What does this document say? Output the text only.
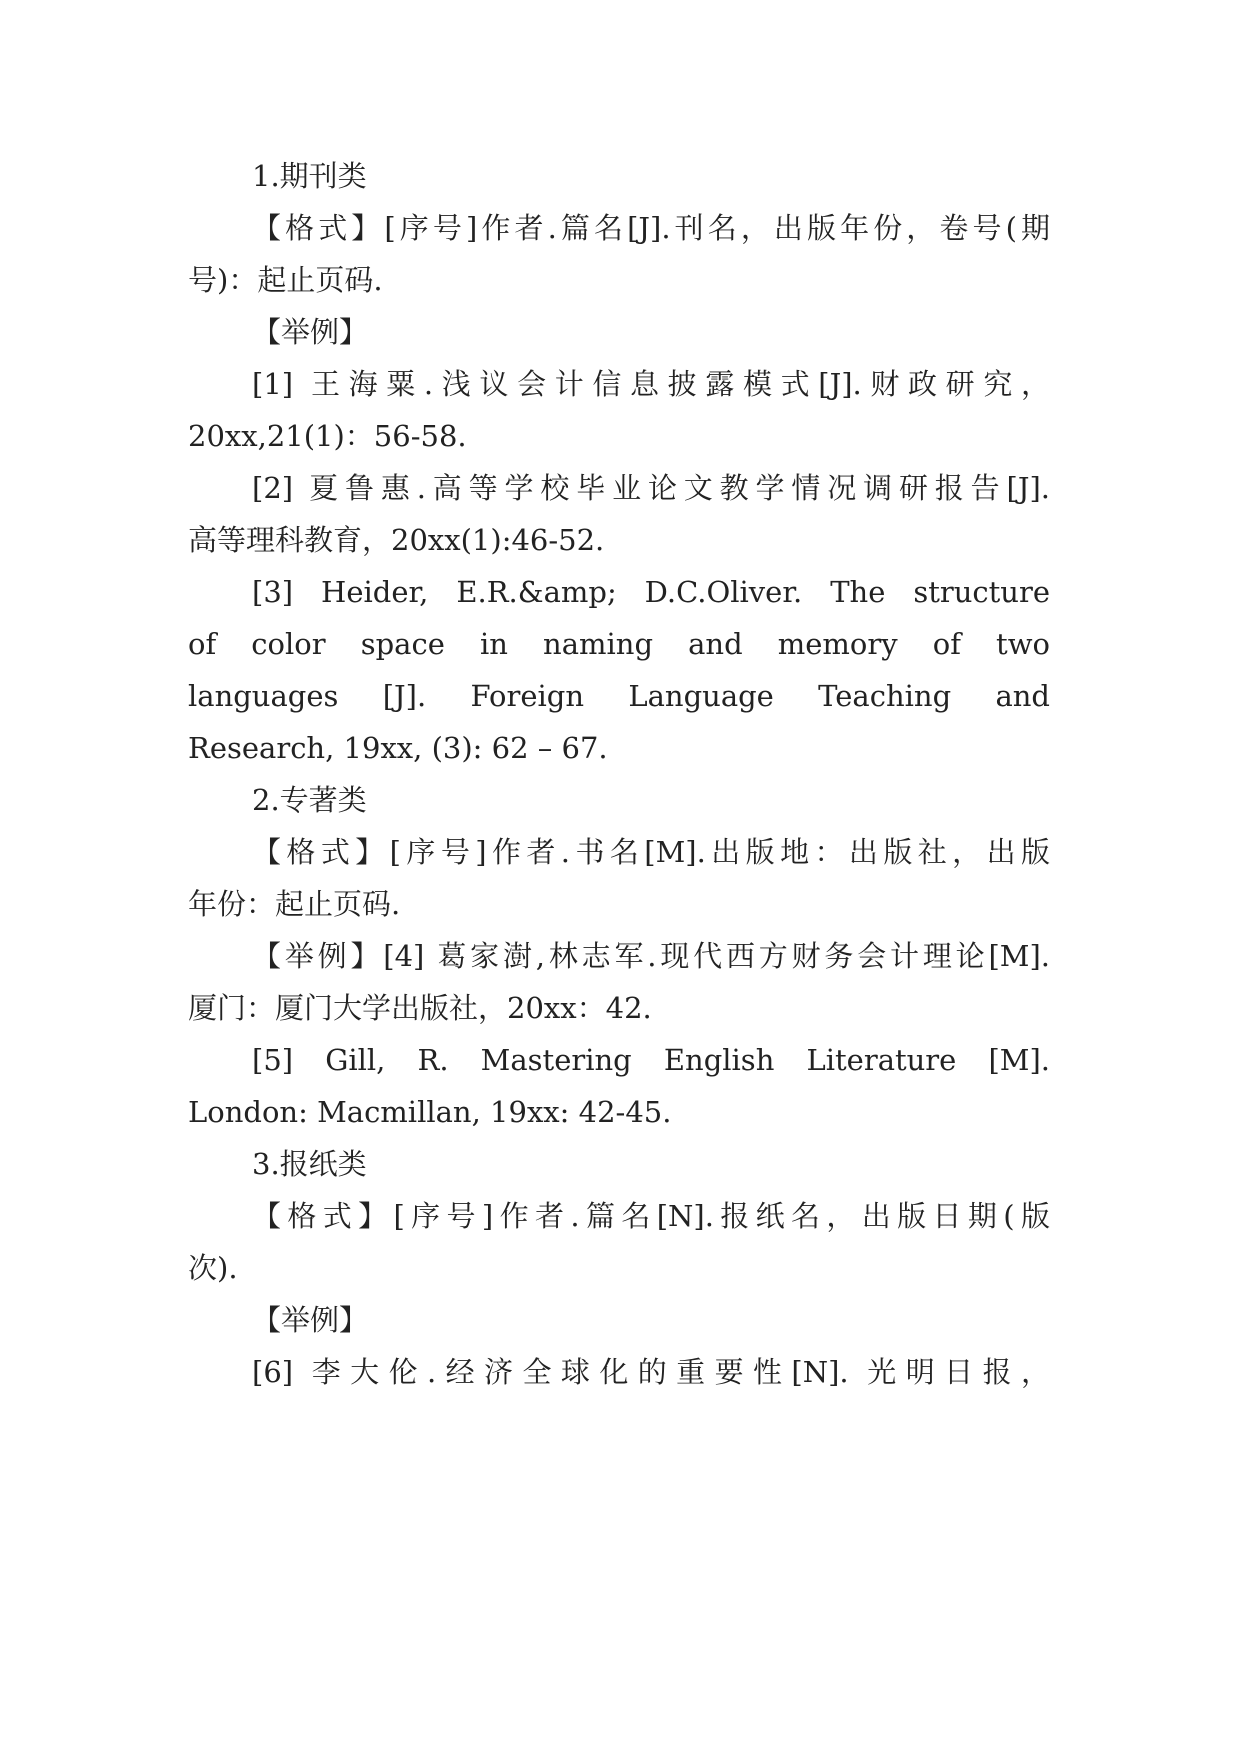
1.期刊类
【格式】[序号]作者.篇名[J].刊名，出版年份，卷号(期
号)：起止页码.
【举例】
[1] 王海粟.浅议会计信息披露模式[J].财政研究，
20xx,21(1)：56-58.
[2] 夏鲁惠.高等学校毕业论文教学情况调研报告[J].
高等理科教育，20xx(1):46-52.
[3] Heider, E.R.&amp; D.C.Oliver. The structure
of color space in naming and memory of two
languages [J]. Foreign Language Teaching and
Research, 19xx, (3): 62 – 67.
2.专著类
【格式】[序号]作者.书名[M].出版地：出版社，出版
年份：起止页码.
【举例】[4] 葛家澍,林志军.现代西方财务会计理论[M].
厦门：厦门大学出版社，20xx：42.
[5] Gill, R. Mastering English Literature [M].
London: Macmillan, 19xx: 42-45.
3.报纸类
【格式】[序号]作者.篇名[N].报纸名，出版日期(版
次).
【举例】
[6] 李大伦.经济全球化的重要性[N]. 光明日报，
